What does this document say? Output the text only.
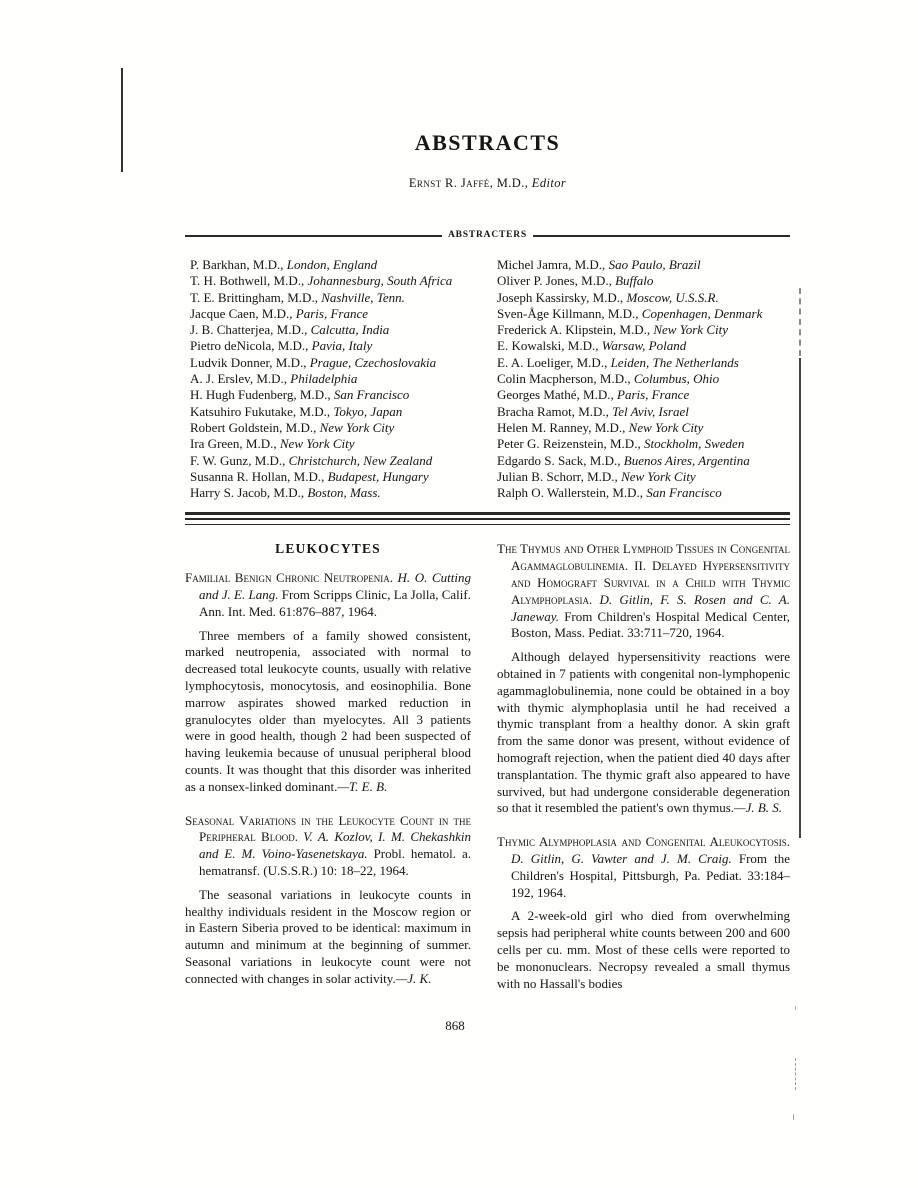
ABSTRACTS

Ernst R. Jaffé, M.D., Editor

ABSTRACTERS
P. Barkhan, M.D., London, England
T. H. Bothwell, M.D., Johannesburg, South Africa
T. E. Brittingham, M.D., Nashville, Tenn.
Jacque Caen, M.D., Paris, France
J. B. Chatterjea, M.D., Calcutta, India
Pietro deNicola, M.D., Pavia, Italy
Ludvik Donner, M.D., Prague, Czechoslovakia
A. J. Erslev, M.D., Philadelphia
H. Hugh Fudenberg, M.D., San Francisco
Katsuhiro Fukutake, M.D., Tokyo, Japan
Robert Goldstein, M.D., New York City
Ira Green, M.D., New York City
F. W. Gunz, M.D., Christchurch, New Zealand
Susanna R. Hollan, M.D., Budapest, Hungary
Harry S. Jacob, M.D., Boston, Mass.
Michel Jamra, M.D., Sao Paulo, Brazil
Oliver P. Jones, M.D., Buffalo
Joseph Kassirsky, M.D., Moscow, U.S.S.R.
Sven-Åge Killmann, M.D., Copenhagen, Denmark
Frederick A. Klipstein, M.D., New York City
E. Kowalski, M.D., Warsaw, Poland
E. A. Loeliger, M.D., Leiden, The Netherlands
Colin Macpherson, M.D., Columbus, Ohio
Georges Mathé, M.D., Paris, France
Bracha Ramot, M.D., Tel Aviv, Israel
Helen M. Ranney, M.D., New York City
Peter G. Reizenstein, M.D., Stockholm, Sweden
Edgardo S. Sack, M.D., Buenos Aires, Argentina
Julian B. Schorr, M.D., New York City
Ralph O. Wallerstein, M.D., San Francisco
LEUKOCYTES

Familial Benign Chronic Neutropenia. H. O. Cutting and J. E. Lang. From Scripps Clinic, La Jolla, Calif. Ann. Int. Med. 61:876–887, 1964.

Three members of a family showed consistent, marked neutropenia, associated with normal to decreased total leukocyte counts, usually with relative lymphocytosis, monocytosis, and eosinophilia. Bone marrow aspirates showed marked reduction in granulocytes older than myelocytes. All 3 patients were in good health, though 2 had been suspected of having leukemia because of unusual peripheral blood counts. It was thought that this disorder was inherited as a nonsex-linked dominant.—T. E. B.

Seasonal Variations in the Leukocyte Count in the Peripheral Blood. V. A. Kozlov, I. M. Chekashkin and E. M. Voino-Yasenetskaya. Probl. hematol. a. hematransf. (U.S.S.R.) 10: 18–22, 1964.

The seasonal variations in leukocyte counts in healthy individuals resident in the Moscow region or in Eastern Siberia proved to be identical: maximum in autumn and minimum at the beginning of summer. Seasonal variations in leukocyte count were not connected with changes in solar activity.—J. K.

The Thymus and Other Lymphoid Tissues in Congenital Agammaglobulinemia. II. Delayed Hypersensitivity and Homograft Survival in a Child with Thymic Alymphoplasia. D. Gitlin, F. S. Rosen and C. A. Janeway. From Children's Hospital Medical Center, Boston, Mass. Pediat. 33:711–720, 1964.

Although delayed hypersensitivity reactions were obtained in 7 patients with congenital non-lymphopenic agammaglobulinemia, none could be obtained in a boy with thymic alymphoplasia until he had received a thymic transplant from a healthy donor. A skin graft from the same donor was present, without evidence of homograft rejection, when the patient died 40 days after transplantation. The thymic graft also appeared to have survived, but had undergone considerable degeneration so that it resembled the patient's own thymus.—J. B. S.

Thymic Alymphoplasia and Congenital Aleukocytosis. D. Gitlin, G. Vawter and J. M. Craig. From the Children's Hospital, Pittsburgh, Pa. Pediat. 33:184–192, 1964.

A 2-week-old girl who died from overwhelming sepsis had peripheral white counts between 200 and 600 cells per cu. mm. Most of these cells were reported to be mononuclears. Necropsy revealed a small thymus with no Hassall's bodies

868
